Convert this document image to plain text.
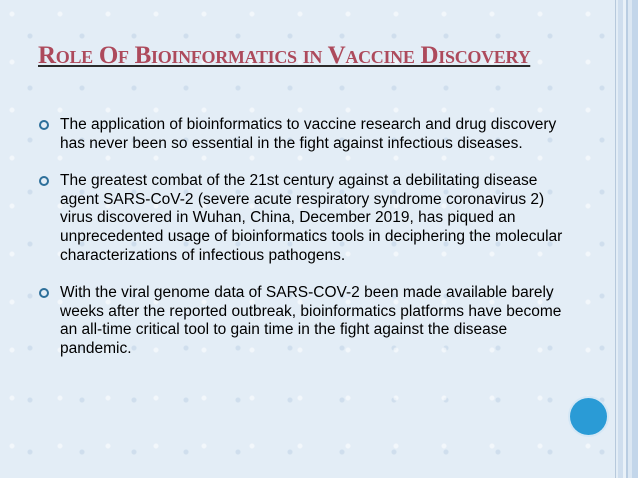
Role Of Bioinformatics in Vaccine Discovery
The application of bioinformatics to vaccine research and drug discovery has never been so essential in the fight against infectious diseases.
The greatest combat of the 21st century against a debilitating disease agent SARS-CoV-2 (severe acute respiratory syndrome coronavirus 2) virus discovered in Wuhan, China, December 2019, has piqued an unprecedented usage of bioinformatics tools in deciphering the molecular characterizations of infectious pathogens.
With the viral genome data of SARS-COV-2 been made available barely weeks after the reported outbreak, bioinformatics platforms have become an all-time critical tool to gain time in the fight against the disease pandemic.
